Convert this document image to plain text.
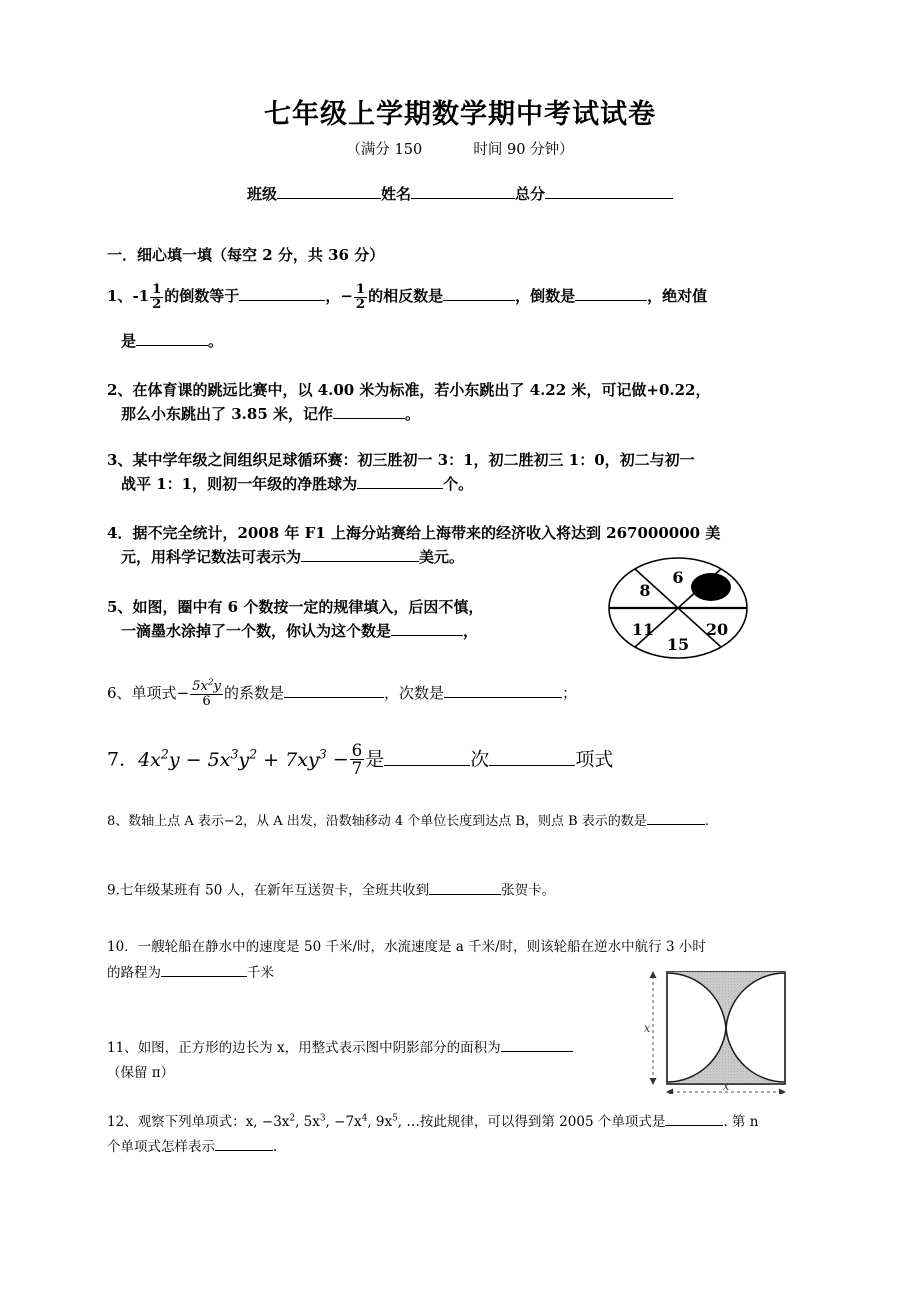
七年级上学期数学期中考试试卷
（满分 150	时间 90 分钟）
班级	姓名	总分
一．细心填一填（每空 2 分，共 36 分）
1、$-1 \frac{1}{2}$ 的倒数等于	，− $\frac{1}{2}$ 的相反数是	，倒数是	，绝对值
是	。
2、在体育课的跳远比赛中，以 4.00 米为标准，若小东跳出了 4.22 米，可记做+0.22，
那么小东跳出了 3.85 米，记作	。
3、某中学年级之间组织足球循环赛：初三胜初一 3：1，初二胜初三 1：0，初二与初一
战平 1：1，则初一年级的净胜球为	个。
4．据不完全统计，2008 年 F1 上海分站赛给上海带来的经济收入将达到 267000000 美
元，用科学记数法可表示为	美元。
5、如图，圈中有 6 个数按一定的规律填入，后因不慎，
一滴墨水涂掉了一个数，你认为这个数是	，
6
8
11
15
20
6、单项式− $\frac{5x^2y}{6}$ 的系数是	，次数是	；
7．$4x^2y - 5x^3y^2 + 7xy^3 - \frac{6}{7}$ 是	次	项式
8、数轴上点 A 表示−2，从 A 出发，沿数轴移动 4 个单位长度到达点 B，则点 B 表示的数是	.
9.七年级某班有 50 人，在新年互送贺卡，全班共收到	张贺卡。
10．一艘轮船在静水中的速度是 50 千米/时，水流速度是 a 千米/时，则该轮船在逆水中航行 3 小时
的路程为	千米
x
x
11、如图，正方形的边长为 x，用整式表示图中阴影部分的面积为
（保留 π）
12、观察下列单项式：x, $-3x^2$, $5x^3$, $-7x^4$, $9x^5$, …按此规律，可以得到第 2005 个单项式是	. 第 n
个单项式怎样表示	.
